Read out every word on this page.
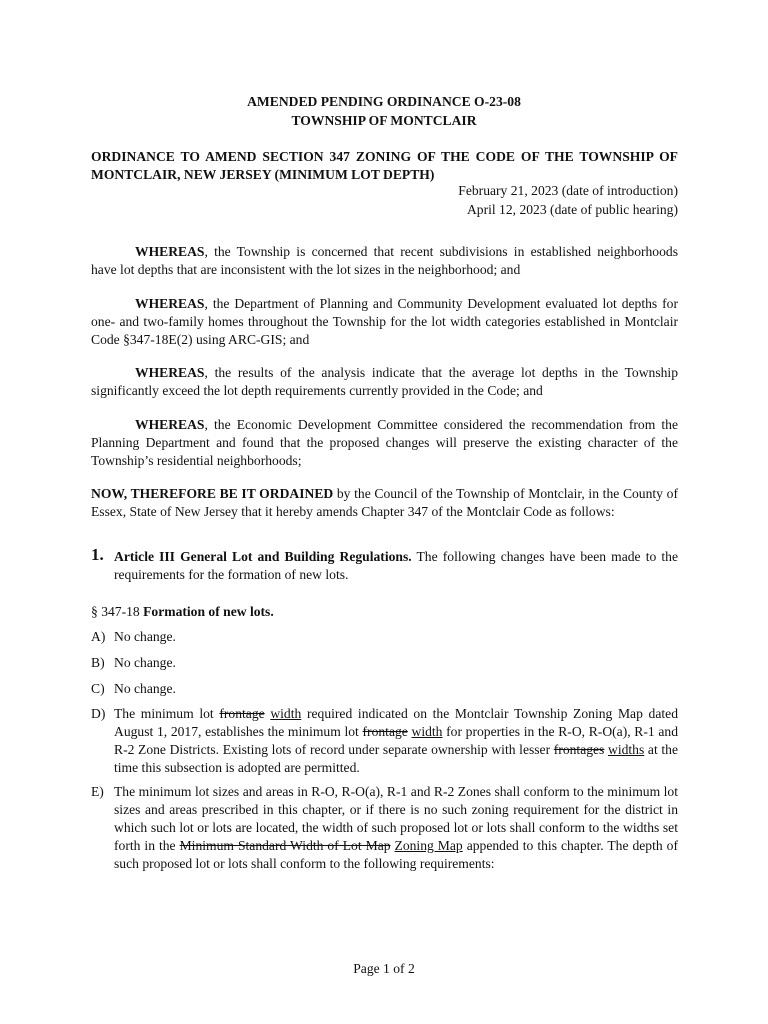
AMENDED PENDING ORDINANCE O-23-08
TOWNSHIP OF MONTCLAIR
ORDINANCE TO AMEND SECTION 347 ZONING OF THE CODE OF THE TOWNSHIP OF MONTCLAIR, NEW JERSEY (MINIMUM LOT DEPTH)
February 21, 2023 (date of introduction)
April 12, 2023 (date of public hearing)
WHEREAS, the Township is concerned that recent subdivisions in established neighborhoods have lot depths that are inconsistent with the lot sizes in the neighborhood; and
WHEREAS, the Department of Planning and Community Development evaluated lot depths for one- and two-family homes throughout the Township for the lot width categories established in Montclair Code §347-18E(2) using ARC-GIS; and
WHEREAS, the results of the analysis indicate that the average lot depths in the Township significantly exceed the lot depth requirements currently provided in the Code; and
WHEREAS, the Economic Development Committee considered the recommendation from the Planning Department and found that the proposed changes will preserve the existing character of the Township’s residential neighborhoods;
NOW, THEREFORE BE IT ORDAINED by the Council of the Township of Montclair, in the County of Essex, State of New Jersey that it hereby amends Chapter 347 of the Montclair Code as follows:
1. Article III General Lot and Building Regulations. The following changes have been made to the requirements for the formation of new lots.
§ 347-18 Formation of new lots.
A) No change.
B) No change.
C) No change.
D) The minimum lot frontage width required indicated on the Montclair Township Zoning Map dated August 1, 2017, establishes the minimum lot frontage width for properties in the R-O, R-O(a), R-1 and R-2 Zone Districts. Existing lots of record under separate ownership with lesser frontages widths at the time this subsection is adopted are permitted.
E) The minimum lot sizes and areas in R-O, R-O(a), R-1 and R-2 Zones shall conform to the minimum lot sizes and areas prescribed in this chapter, or if there is no such zoning requirement for the district in which such lot or lots are located, the width of such proposed lot or lots shall conform to the widths set forth in the Minimum Standard Width of Lot Map Zoning Map appended to this chapter. The depth of such proposed lot or lots shall conform to the following requirements:
Page 1 of 2
